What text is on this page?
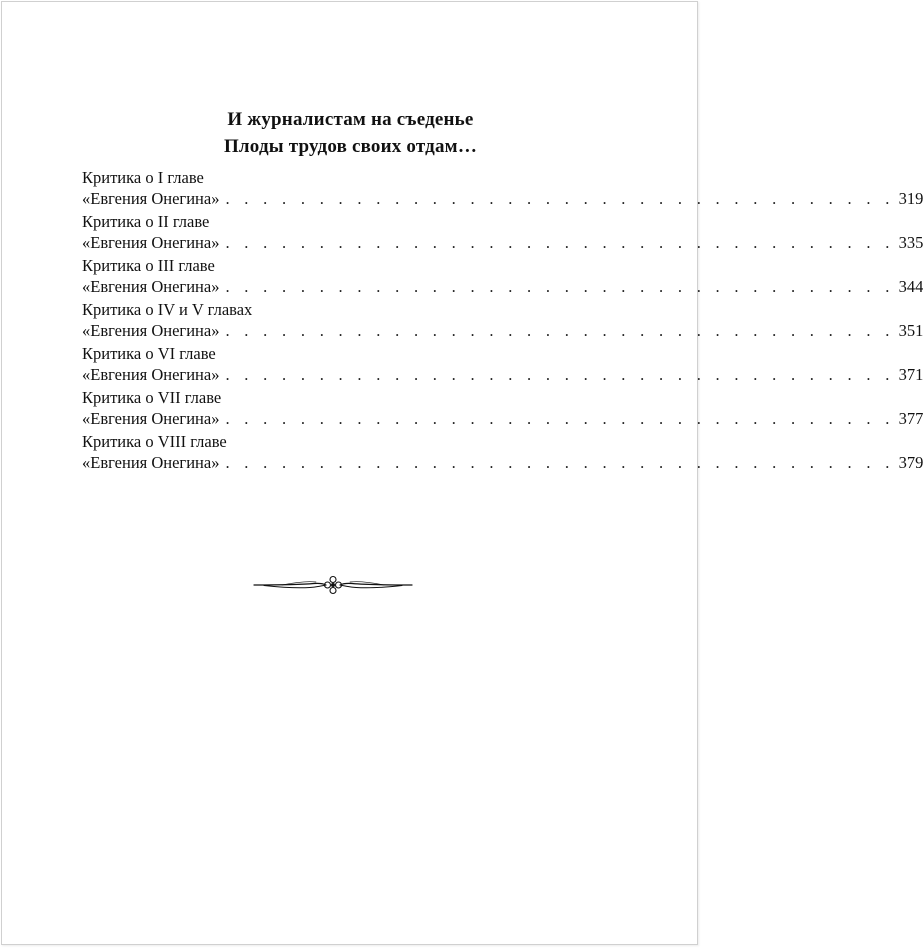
И журналистам на съеденье
Плоды трудов своих отдам…
Критика о I главе
«Евгения Онегина» . . . . . . . . . . . . . . . . . . . . . . . . . . . . . . . . . . . . 319
Критика о II главе
«Евгения Онегина» . . . . . . . . . . . . . . . . . . . . . . . . . . . . . . . . . . . . 335
Критика о III главе
«Евгения Онегина» . . . . . . . . . . . . . . . . . . . . . . . . . . . . . . . . . . . . 344
Критика о IV и V главах
«Евгения Онегина» . . . . . . . . . . . . . . . . . . . . . . . . . . . . . . . . . . . . 351
Критика о VI главе
«Евгения Онегина» . . . . . . . . . . . . . . . . . . . . . . . . . . . . . . . . . . . . 371
Критика о VII главе
«Евгения Онегина» . . . . . . . . . . . . . . . . . . . . . . . . . . . . . . . . . . . . 377
Критика о VIII главе
«Евгения Онегина» . . . . . . . . . . . . . . . . . . . . . . . . . . . . . . . . . . . . 379
